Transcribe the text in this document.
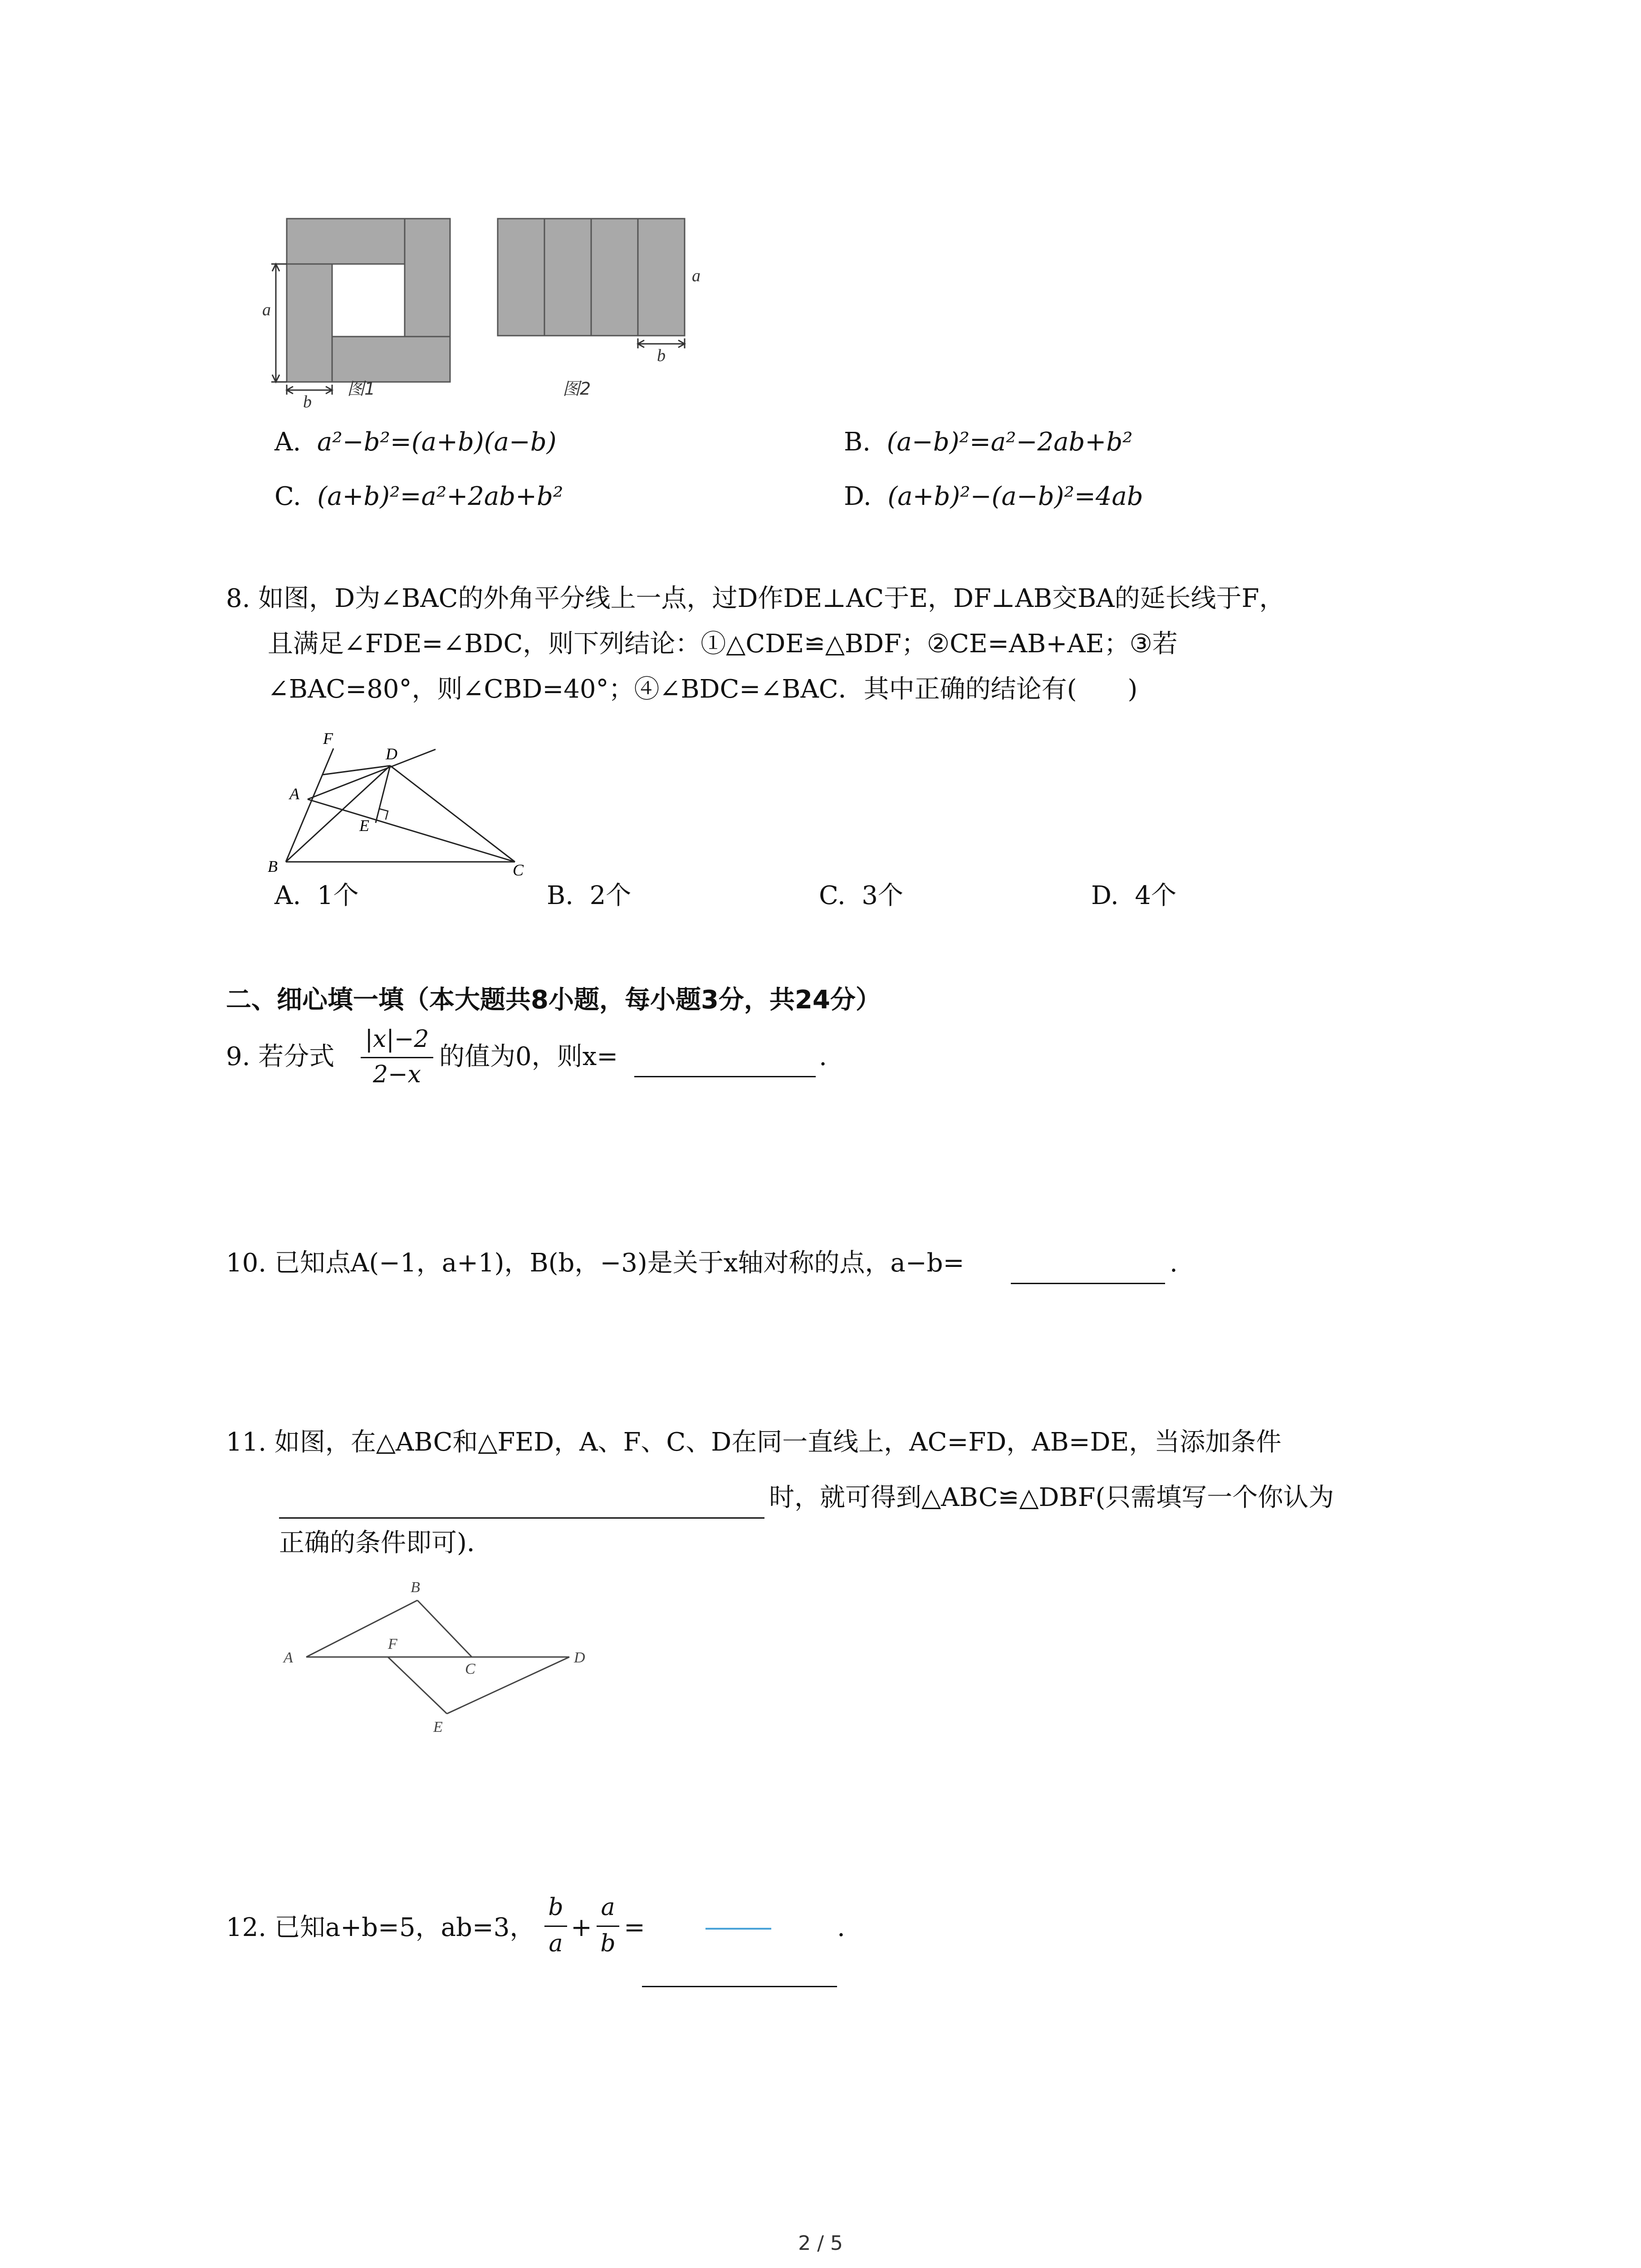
a
b
图1
a
b
图2
A. a²−b²=(a+b)(a−b)	B. (a−b)²=a²−2ab+b²
C. (a+b)²=a²+2ab+b²	D. (a+b)²−(a−b)²=4ab
8. 如图，D为∠BAC的外角平分线上一点，过D作DE⊥AC于E，DF⊥AB交BA的延长线于F，
且满足∠FDE=∠BDC，则下列结论：①△CDE≌△BDF；②CE=AB+AE；③若
∠BAC=80°，则∠CBD=40°；④∠BDC=∠BAC．其中正确的结论有(　　)
F
D
A
E
B	C
A. 1个	B. 2个	C. 3个	D. 4个
二、细心填一填（本大题共8小题，每小题3分，共24分）
9. 若分式
|x|−2
2−x
的值为0，则x=	.
10. 已知点A(−1，a+1)，B(b，−3)是关于x轴对称的点，a−b=	.
11. 如图，在△ABC和△FED，A、F、C、D在同一直线上，AC=FD，AB=DE，当添加条件
时，就可得到△ABC≌△DBF(只需填写一个你认为
正确的条件即可)．
B
A
F
C
D
E
12. 已知a+b=5，ab=3，
b
a
+
a
b
=	.
2 / 5
